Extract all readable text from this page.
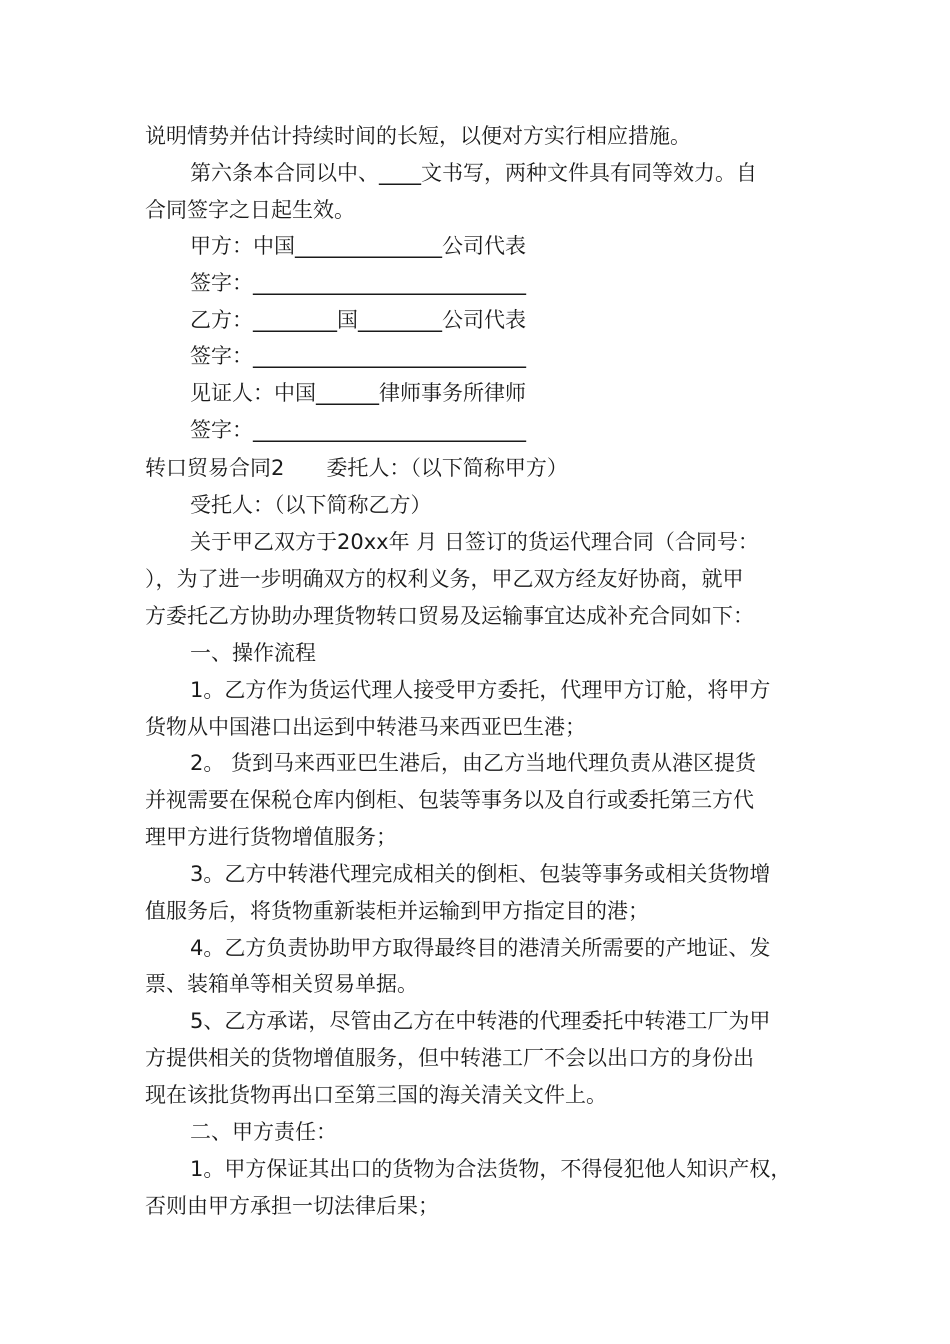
说明情势并估计持续时间的长短，以便对方实行相应措施。
第六条本合同以中、____文书写，两种文件具有同等效力。自
合同签字之日起生效。
甲方：中国______________公司代表
签字：__________________________
乙方：________国________公司代表
签字：__________________________
见证人：中国______律师事务所律师
签字：__________________________
转口贸易合同2　　委托人：（以下简称甲方）
受托人：（以下简称乙方）
关于甲乙双方于20xx年 月 日签订的货运代理合同（合同号：
），为了进一步明确双方的权利义务，甲乙双方经友好协商，就甲
方委托乙方协助办理货物转口贸易及运输事宜达成补充合同如下：
一、操作流程
1。乙方作为货运代理人接受甲方委托，代理甲方订舱，将甲方
货物从中国港口出运到中转港马来西亚巴生港；
2。 货到马来西亚巴生港后，由乙方当地代理负责从港区提货
并视需要在保税仓库内倒柜、包装等事务以及自行或委托第三方代
理甲方进行货物增值服务；
3。乙方中转港代理完成相关的倒柜、包装等事务或相关货物增
值服务后，将货物重新装柜并运输到甲方指定目的港；
4。乙方负责协助甲方取得最终目的港清关所需要的产地证、发
票、装箱单等相关贸易单据。
5、乙方承诺，尽管由乙方在中转港的代理委托中转港工厂为甲
方提供相关的货物增值服务，但中转港工厂不会以出口方的身份出
现在该批货物再出口至第三国的海关清关文件上。
二、甲方责任：
1。甲方保证其出口的货物为合法货物，不得侵犯他人知识产权，
否则由甲方承担一切法律后果；
